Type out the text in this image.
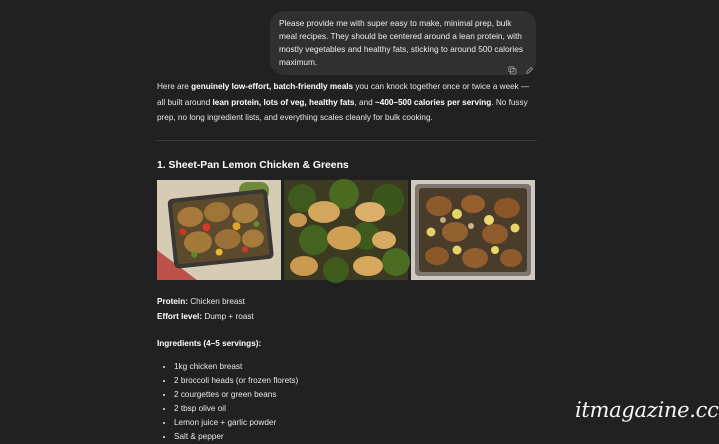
Please provide me with super easy to make, minimal prep, bulk meal recipes. They should be centered around a lean protein, with mostly vegetables and healthy fats, sticking to around 500 calories maximum.

Here are genuinely low-effort, batch-friendly meals you can knock together once or twice a week — all built around lean protein, lots of veg, healthy fats, and ~400–500 calories per serving. No fussy prep, no long ingredient lists, and everything scales cleanly for bulk cooking.

1. Sheet-Pan Lemon Chicken & Greens

Protein: Chicken breast

Effort level: Dump + roast

Ingredients (4–5 servings):

• 1kg chicken breast
• 2 broccoli heads (or frozen florets)
• 2 courgettes or green beans
• 2 tbsp olive oil
• Lemon juice + garlic powder
• Salt & pepper
itmagazine.cc
